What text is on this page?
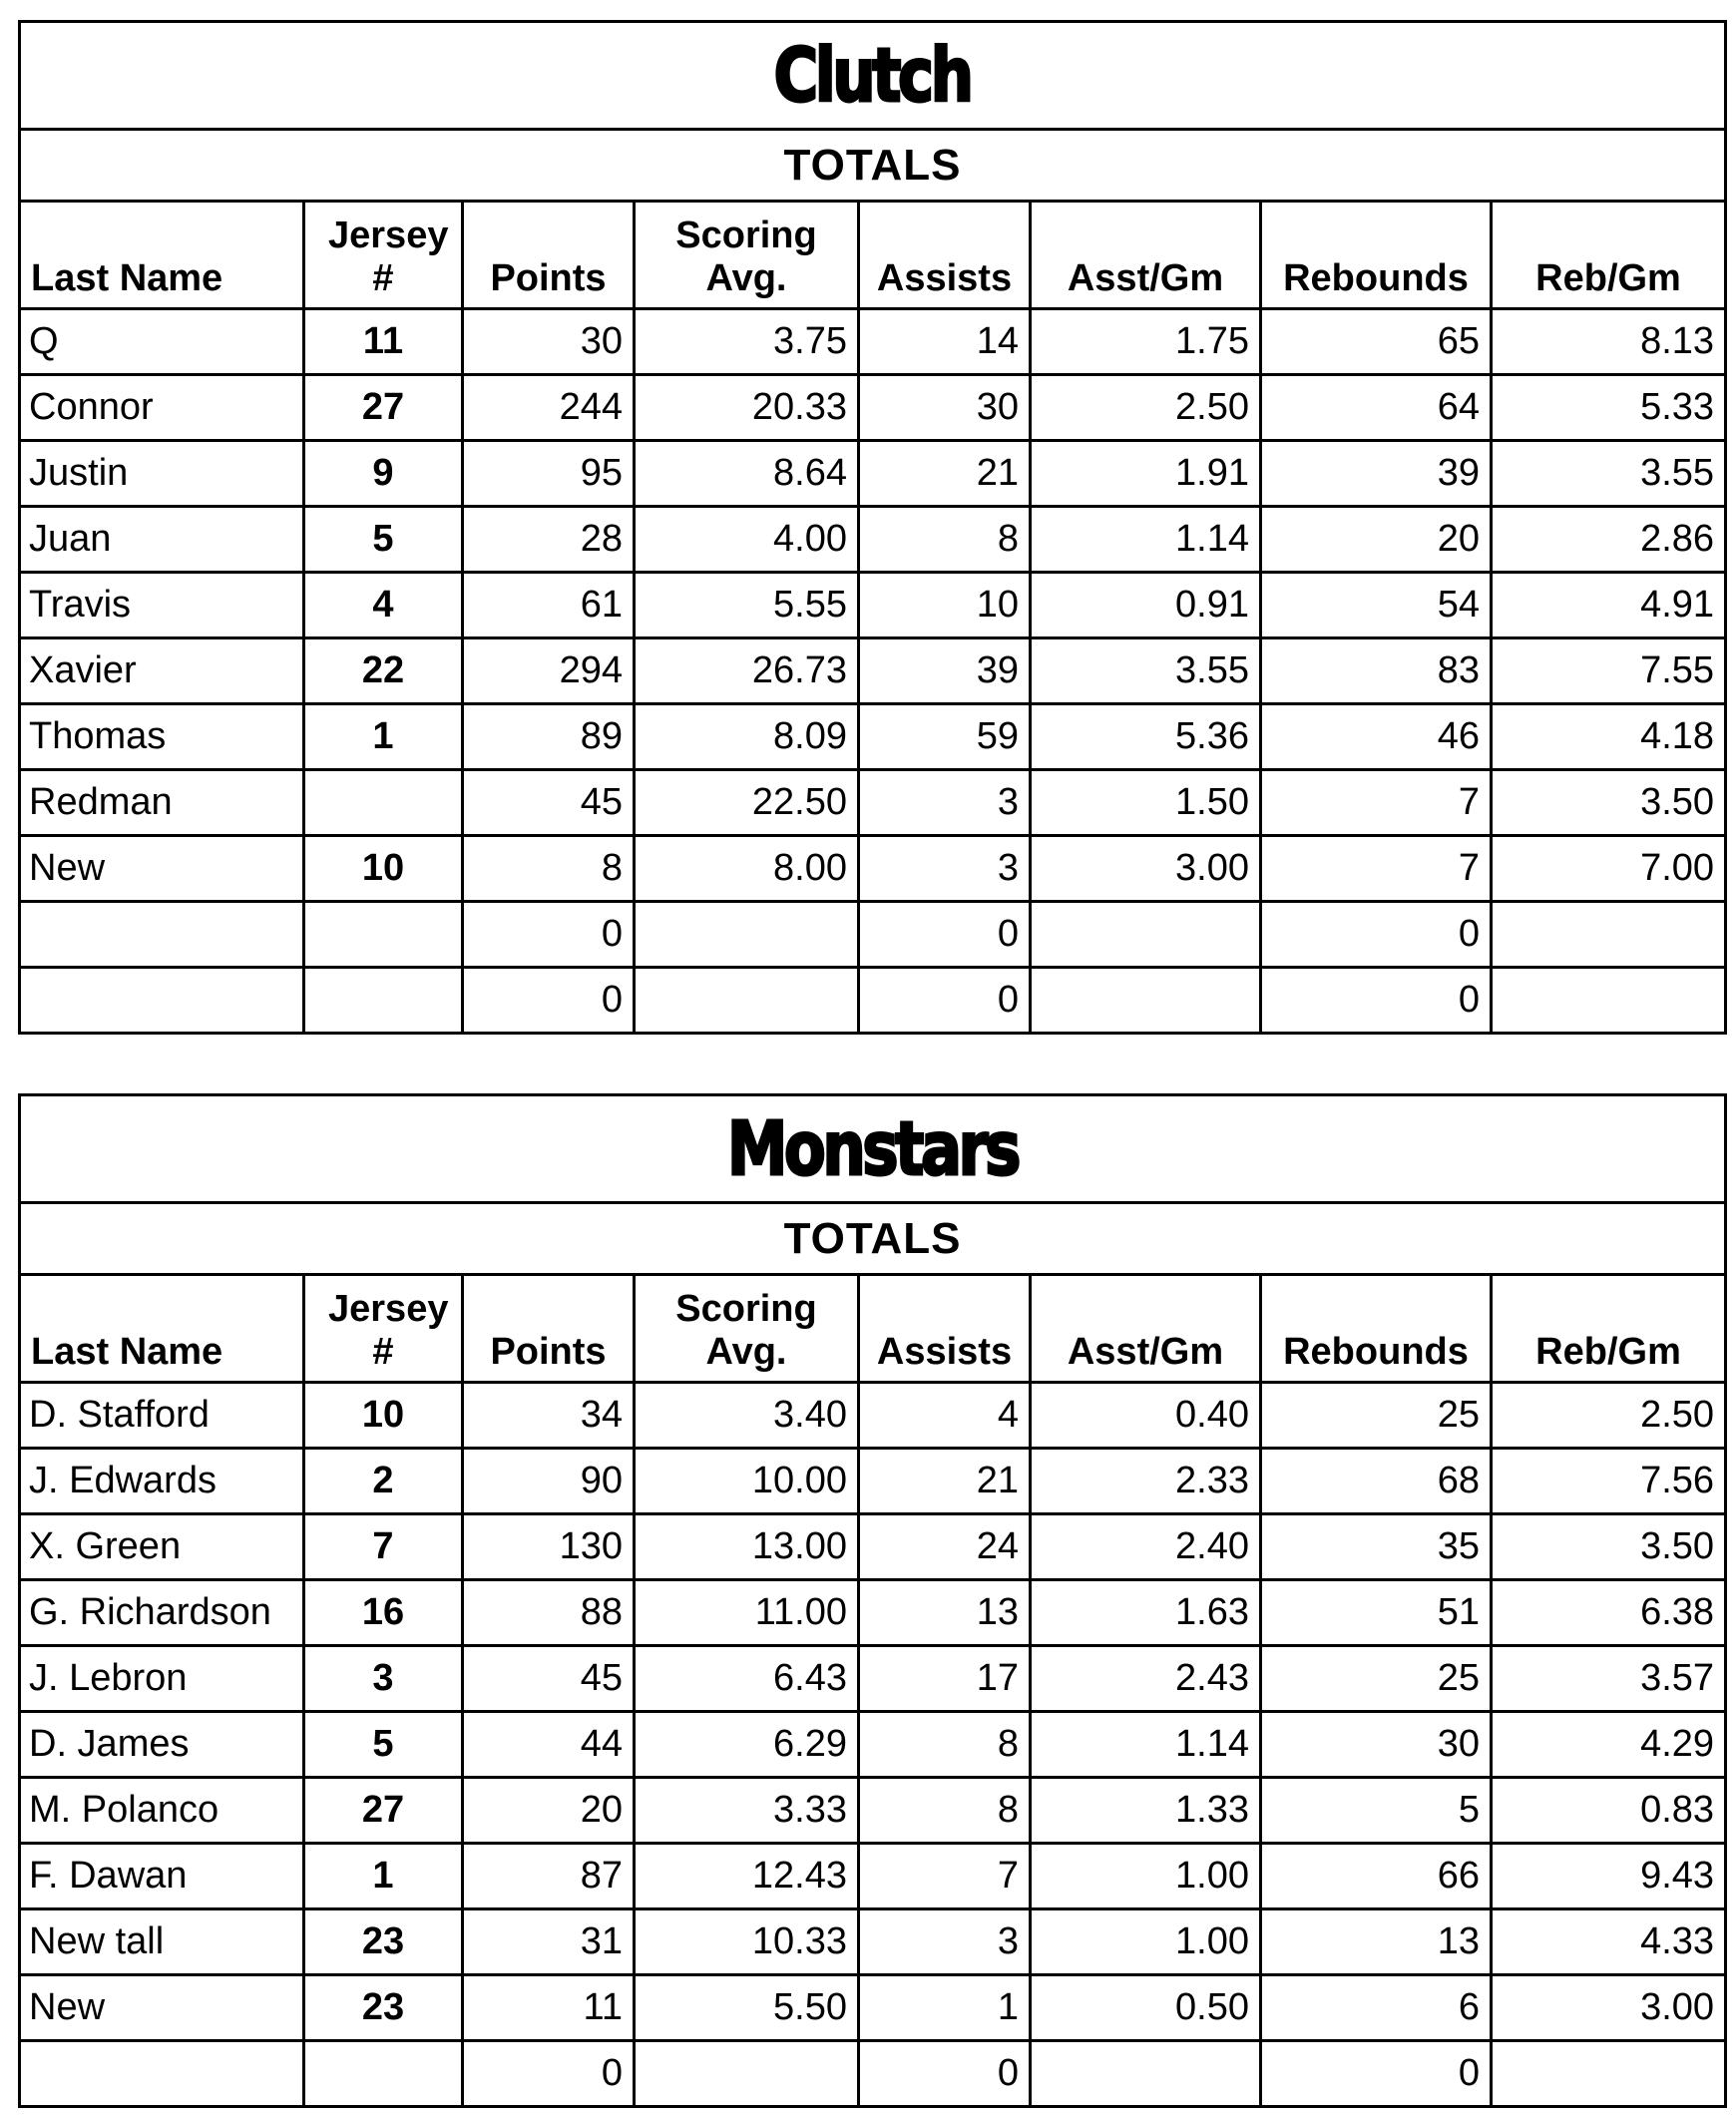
Clutch							
TOTALS							
Last Name	Jersey #	Points	Scoring Avg.	Assists	Asst/Gm	Rebounds	Reb/Gm
Q	11	30	3.75	14	1.75	65	8.13
Connor	27	244	20.33	30	2.50	64	5.33
Justin	9	95	8.64	21	1.91	39	3.55
Juan	5	28	4.00	8	1.14	20	2.86
Travis	4	61	5.55	10	0.91	54	4.91
Xavier	22	294	26.73	39	3.55	83	7.55
Thomas	1	89	8.09	59	5.36	46	4.18
Redman		45	22.50	3	1.50	7	3.50
New	10	8	8.00	3	3.00	7	7.00
		0		0		0	
		0		0		0	
Monstars							
TOTALS							
Last Name	Jersey #	Points	Scoring Avg.	Assists	Asst/Gm	Rebounds	Reb/Gm
D. Stafford	10	34	3.40	4	0.40	25	2.50
J. Edwards	2	90	10.00	21	2.33	68	7.56
X. Green	7	130	13.00	24	2.40	35	3.50
G. Richardson	16	88	11.00	13	1.63	51	6.38
J. Lebron	3	45	6.43	17	2.43	25	3.57
D. James	5	44	6.29	8	1.14	30	4.29
M. Polanco	27	20	3.33	8	1.33	5	0.83
F. Dawan	1	87	12.43	7	1.00	66	9.43
New tall	23	31	10.33	3	1.00	13	4.33
New	23	11	5.50	1	0.50	6	3.00
		0		0		0	
